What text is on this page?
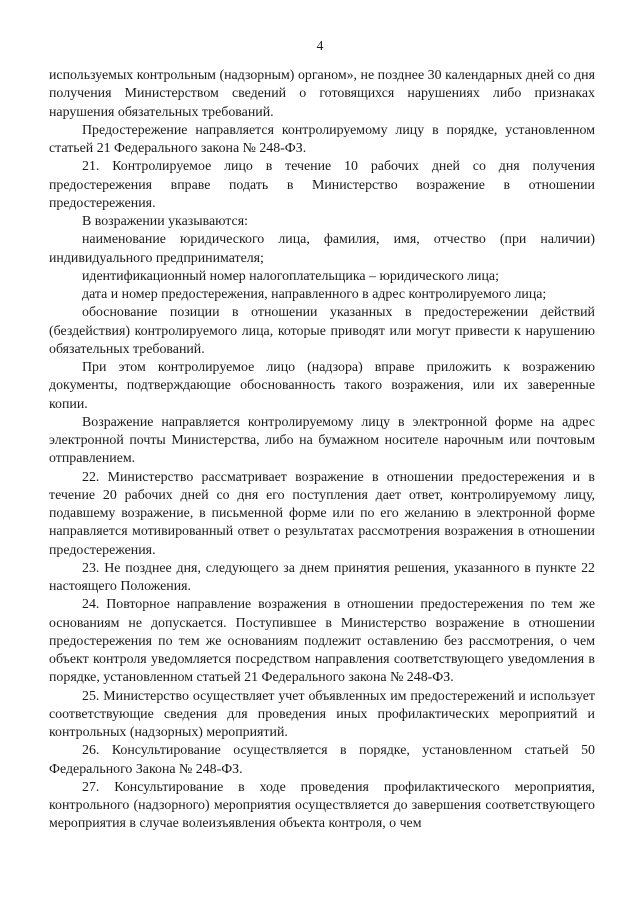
4

используемых контрольным (надзорным) органом», не позднее 30 календарных дней со дня получения Министерством сведений о готовящихся нарушениях либо признаках нарушения обязательных требований.

Предостережение направляется контролируемому лицу в порядке, установленном статьей 21 Федерального закона № 248-ФЗ.

21. Контролируемое лицо в течение 10 рабочих дней со дня получения предостережения вправе подать в Министерство возражение в отношении предостережения.

В возражении указываются:

наименование юридического лица, фамилия, имя, отчество (при наличии) индивидуального предпринимателя;

идентификационный номер налогоплательщика – юридического лица;

дата и номер предостережения, направленного в адрес контролируемого лица;

обоснование позиции в отношении указанных в предостережении действий (бездействия) контролируемого лица, которые приводят или могут привести к нарушению обязательных требований.

При этом контролируемое лицо (надзора) вправе приложить к возражению документы, подтверждающие обоснованность такого возражения, или их заверенные копии.

Возражение направляется контролируемому лицу в электронной форме на адрес электронной почты Министерства, либо на бумажном носителе нарочным или почтовым отправлением.

22. Министерство рассматривает возражение в отношении предостережения и в течение 20 рабочих дней со дня его поступления дает ответ, контролируемому лицу, подавшему возражение, в письменной форме или по его желанию в электронной форме направляется мотивированный ответ о результатах рассмотрения возражения в отношении предостережения.

23. Не позднее дня, следующего за днем принятия решения, указанного в пункте 22 настоящего Положения.

24. Повторное направление возражения в отношении предостережения по тем же основаниям не допускается. Поступившее в Министерство возражение в отношении предостережения по тем же основаниям подлежит оставлению без рассмотрения, о чем объект контроля уведомляется посредством направления соответствующего уведомления в порядке, установленном статьей 21 Федерального закона № 248-ФЗ.

25. Министерство осуществляет учет объявленных им предостережений и использует соответствующие сведения для проведения иных профилактических мероприятий и контрольных (надзорных) мероприятий.

26. Консультирование осуществляется в порядке, установленном статьей 50 Федерального Закона № 248-ФЗ.

27. Консультирование в ходе проведения профилактического мероприятия, контрольного (надзорного) мероприятия осуществляется до завершения соответствующего мероприятия в случае волеизъявления объекта контроля, о чем
